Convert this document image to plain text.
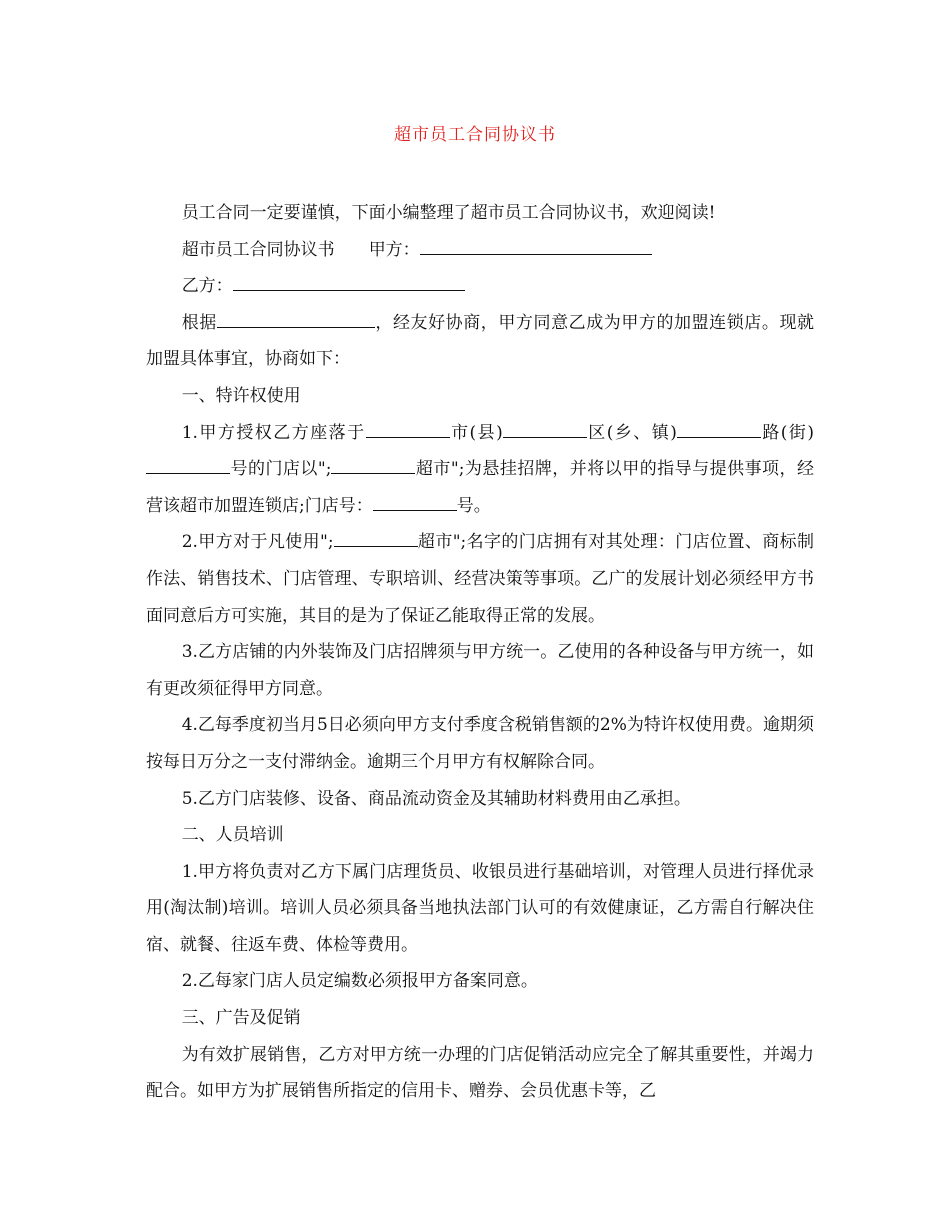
超市员工合同协议书

员工合同一定要谨慎，下面小编整理了超市员工合同协议书，欢迎阅读!

超市员工合同协议书 甲方：

乙方：

根据	，经友好协商，甲方同意乙成为甲方的加盟连锁店。现就加盟具体事宜，协商如下：

一、特许权使用

1.甲方授权乙方座落于	市(县)	区(乡、镇)	路(街)号的门店以";	超市";为悬挂招牌，并将以甲的指导与提供事项，经营该超市加盟连锁店;门店号：	号。

2.甲方对于凡使用";	超市";名字的门店拥有对其处理：门店位置、商标制作法、销售技术、门店管理、专职培训、经营决策等事项。乙广的发展计划必须经甲方书面同意后方可实施，其目的是为了保证乙能取得正常的发展。

3.乙方店铺的内外装饰及门店招牌须与甲方统一。乙使用的各种设备与甲方统一，如有更改须征得甲方同意。

4.乙每季度初当月5日必须向甲方支付季度含税销售额的2%为特许权使用费。逾期须按每日万分之一支付滞纳金。逾期三个月甲方有权解除合同。

5.乙方门店装修、设备、商品流动资金及其辅助材料费用由乙承担。

二、人员培训

1.甲方将负责对乙方下属门店理货员、收银员进行基础培训，对管理人员进行择优录用(淘汰制)培训。培训人员必须具备当地执法部门认可的有效健康证，乙方需自行解决住宿、就餐、往返车费、体检等费用。

2.乙每家门店人员定编数必须报甲方备案同意。

三、广告及促销

为有效扩展销售，乙方对甲方统一办理的门店促销活动应完全了解其重要性，并竭力配合。如甲方为扩展销售所指定的信用卡、赠券、会员优惠卡等，乙
